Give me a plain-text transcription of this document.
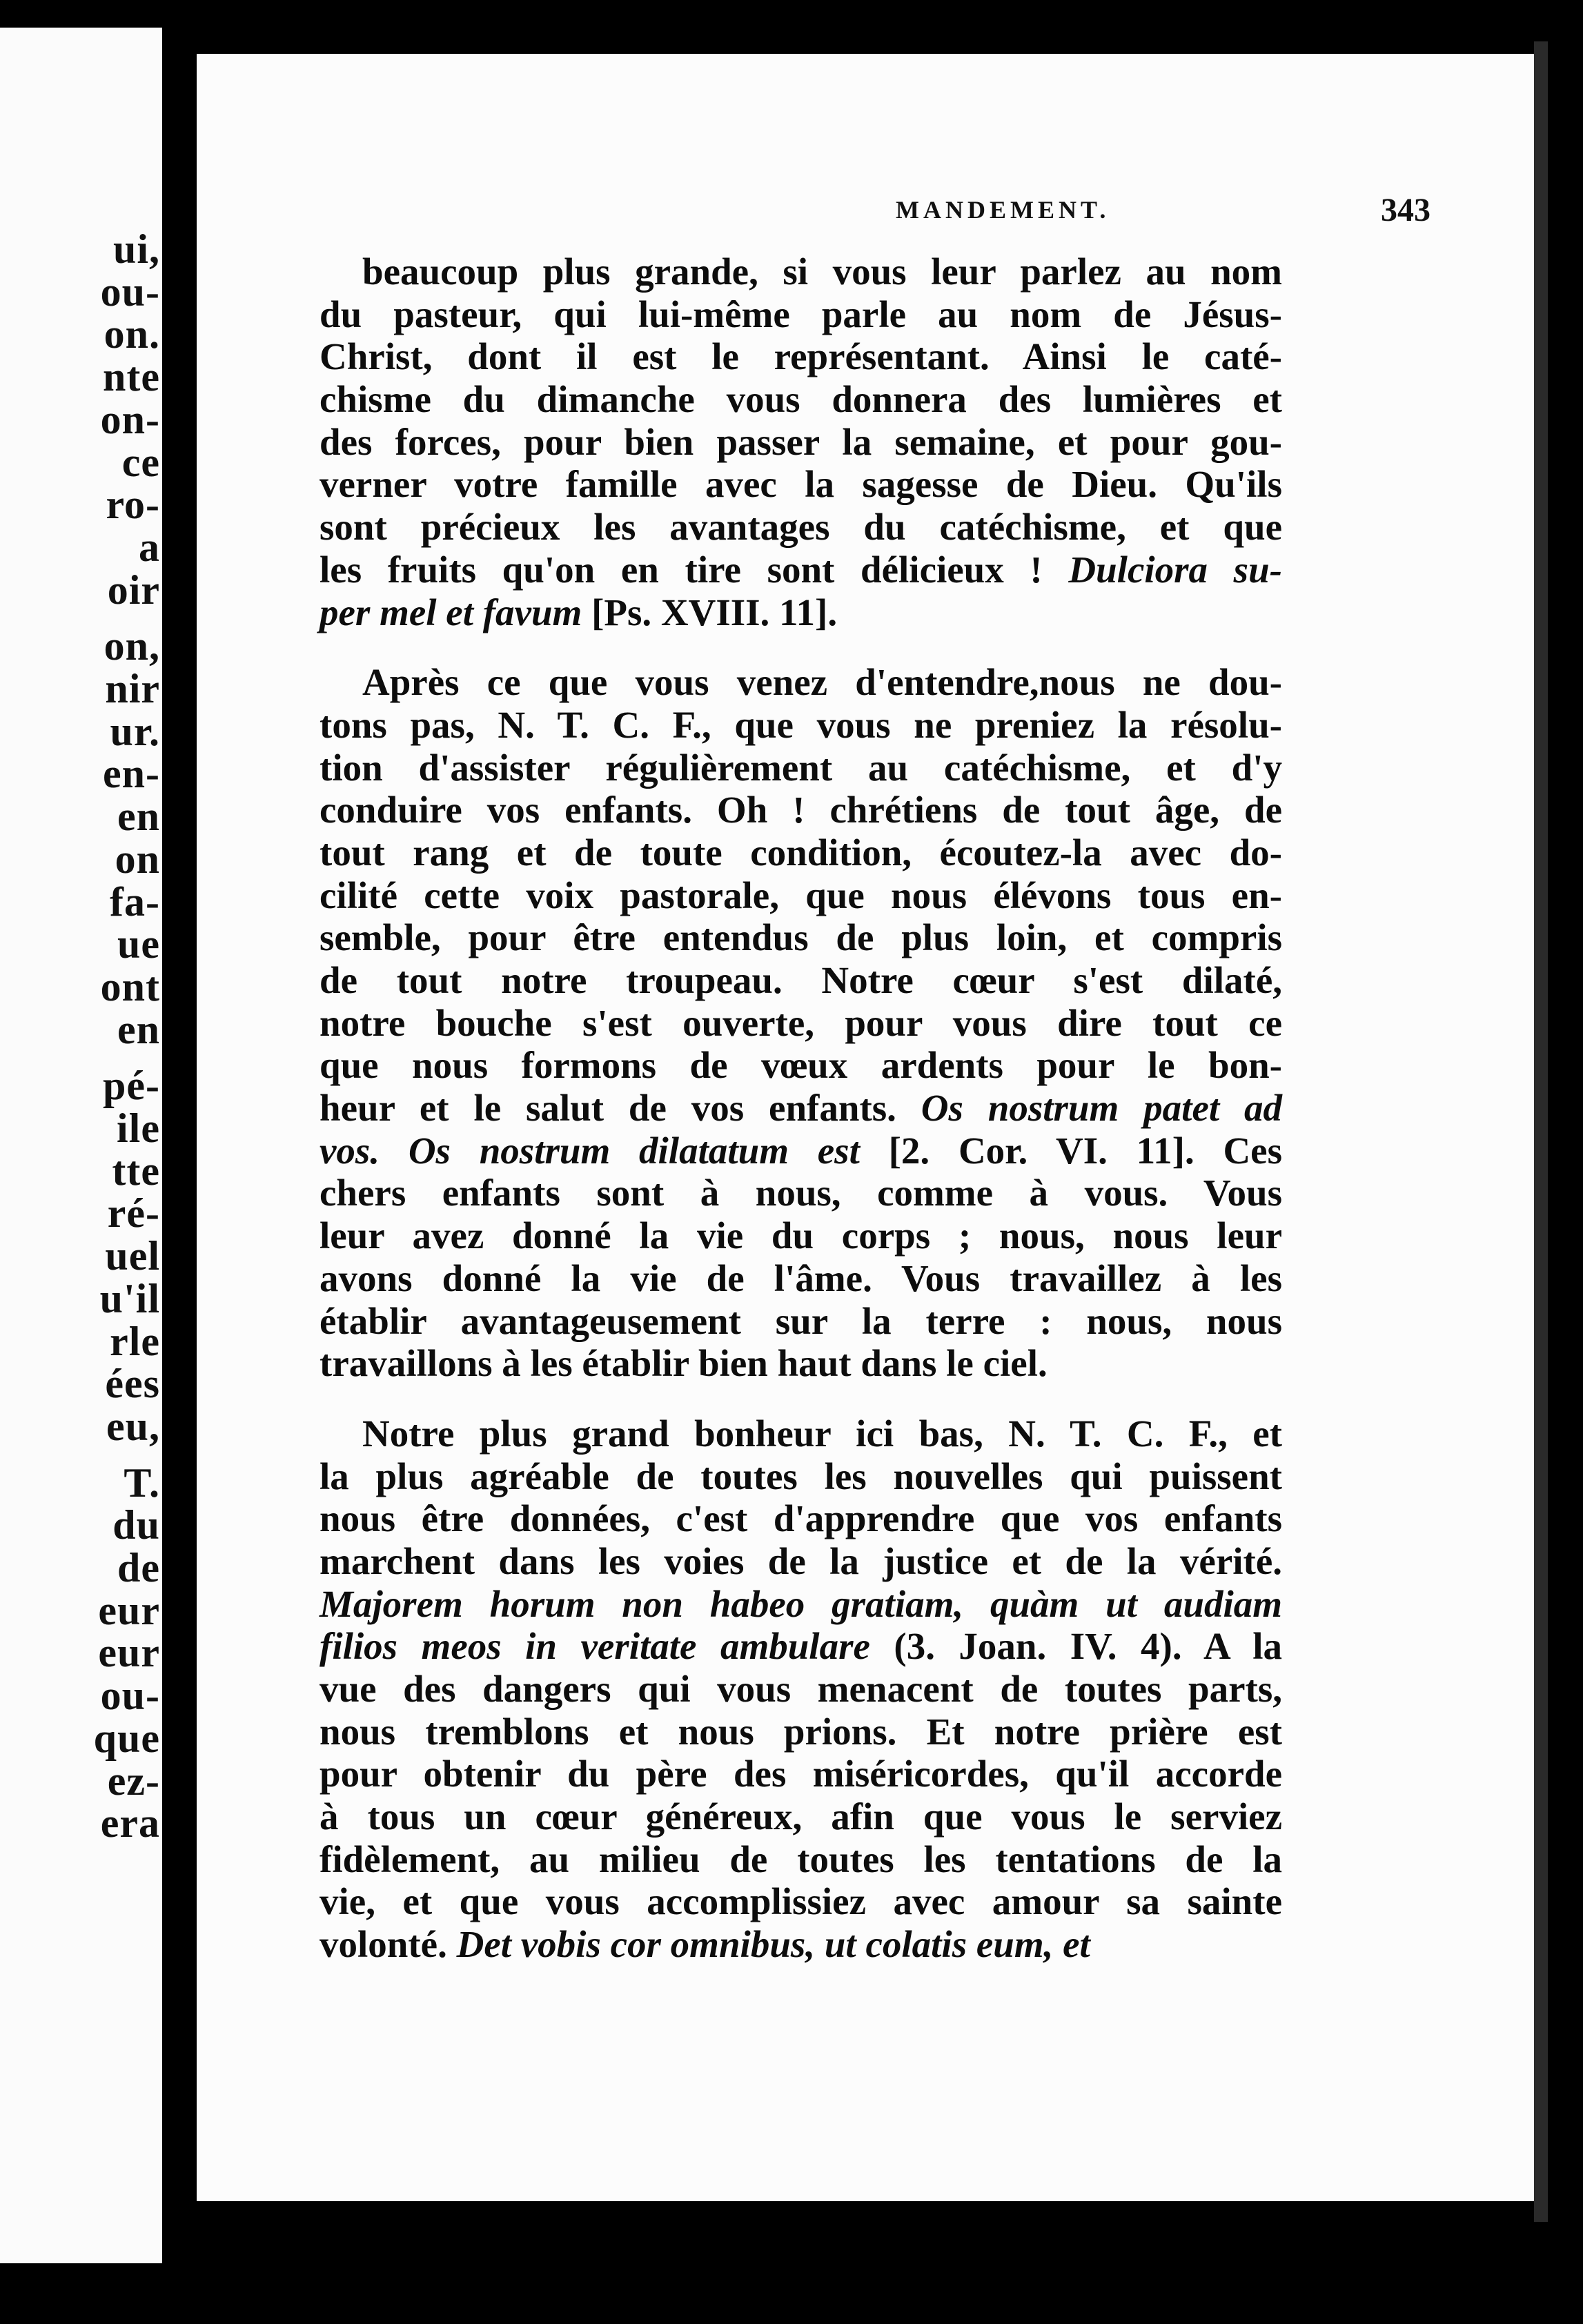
ui,
ou-
on.
nte
on-
ce
ro-
a
oir
on,
nir
ur.
en-
en
on
fa-
ue
ont
en
pé-
ile
tte
ré-
uel
u'il
rle
ées
eu,
T.
du
de
eur
eur
ou-
que
ez-
era
MANDEMENT.	343
beaucoup plus grande, si vous leur parlez au nom
du pasteur, qui lui-même parle au nom de Jésus-
Christ, dont il est le représentant. Ainsi le caté-
chisme du dimanche vous donnera des lumières et
des forces, pour bien passer la semaine, et pour gou-
verner votre famille avec la sagesse de Dieu. Qu'ils
sont précieux les avantages du catéchisme, et que
les fruits qu'on en tire sont délicieux ! Dulciora su-
per mel et favum [Ps. XVIII. 11].
Après ce que vous venez d'entendre,nous ne dou-
tons pas, N. T. C. F., que vous ne preniez la résolu-
tion d'assister régulièrement au catéchisme, et d'y
conduire vos enfants. Oh ! chrétiens de tout âge, de
tout rang et de toute condition, écoutez-la avec do-
cilité cette voix pastorale, que nous élévons tous en-
semble, pour être entendus de plus loin, et compris
de tout notre troupeau. Notre cœur s'est dilaté,
notre bouche s'est ouverte, pour vous dire tout ce
que nous formons de vœux ardents pour le bon-
heur et le salut de vos enfants. Os nostrum patet ad
vos. Os nostrum dilatatum est [2. Cor. VI. 11]. Ces
chers enfants sont à nous, comme à vous. Vous
leur avez donné la vie du corps ; nous, nous leur
avons donné la vie de l'âme. Vous travaillez à les
établir avantageusement sur la terre : nous, nous
travaillons à les établir bien haut dans le ciel.
Notre plus grand bonheur ici bas, N. T. C. F., et
la plus agréable de toutes les nouvelles qui puissent
nous être données, c'est d'apprendre que vos enfants
marchent dans les voies de la justice et de la vérité.
Majorem horum non habeo gratiam, quàm ut audiam
filios meos in veritate ambulare (3. Joan. IV. 4). A la
vue des dangers qui vous menacent de toutes parts,
nous tremblons et nous prions. Et notre prière est
pour obtenir du père des miséricordes, qu'il accorde
à tous un cœur généreux, afin que vous le serviez
fidèlement, au milieu de toutes les tentations de la
vie, et que vous accomplissiez avec amour sa sainte
volonté. Det vobis cor omnibus, ut colatis eum, et
